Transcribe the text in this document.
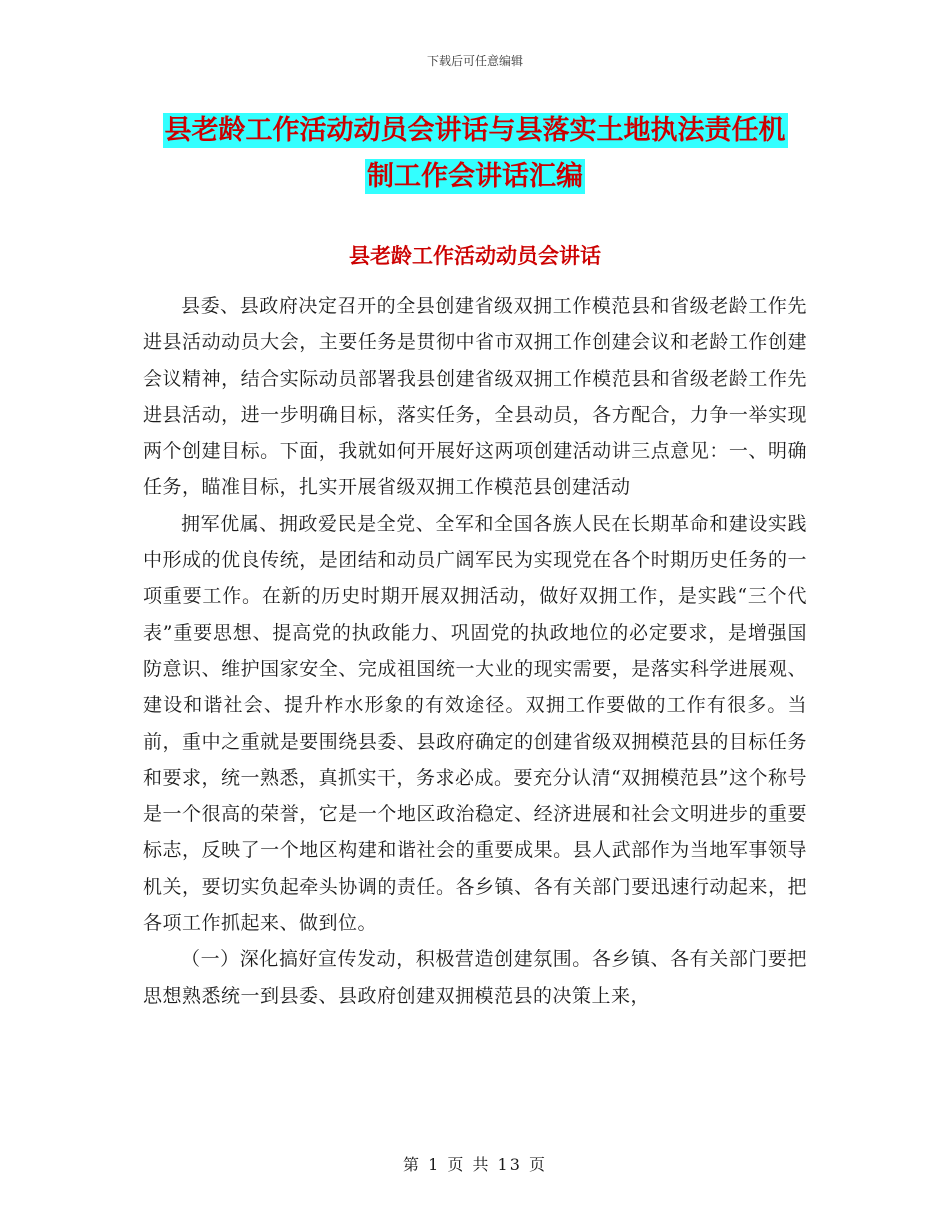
下载后可任意编辑
县老龄工作活动动员会讲话与县落实土地执法责任机
制工作会讲话汇编
县老龄工作活动动员会讲话

县委、县政府决定召开的全县创建省级双拥工作模范县和省级老龄工作先进县活动动员大会，主要任务是贯彻中省市双拥工作创建会议和老龄工作创建会议精神，结合实际动员部署我县创建省级双拥工作模范县和省级老龄工作先进县活动，进一步明确目标，落实任务，全县动员，各方配合，力争一举实现两个创建目标。下面，我就如何开展好这两项创建活动讲三点意见：一、明确任务，瞄准目标，扎实开展省级双拥工作模范县创建活动

拥军优属、拥政爱民是全党、全军和全国各族人民在长期革命和建设实践中形成的优良传统，是团结和动员广阔军民为实现党在各个时期历史任务的一项重要工作。在新的历史时期开展双拥活动，做好双拥工作，是实践“三个代表”重要思想、提高党的执政能力、巩固党的执政地位的必定要求，是增强国防意识、维护国家安全、完成祖国统一大业的现实需要，是落实科学进展观、建设和谐社会、提升柞水形象的有效途径。双拥工作要做的工作有很多。当前，重中之重就是要围绕县委、县政府确定的创建省级双拥模范县的目标任务和要求，统一熟悉，真抓实干，务求必成。要充分认清“双拥模范县”这个称号是一个很高的荣誉，它是一个地区政治稳定、经济进展和社会文明进步的重要标志，反映了一个地区构建和谐社会的重要成果。县人武部作为当地军事领导机关，要切实负起牵头协调的责任。各乡镇、各有关部门要迅速行动起来，把各项工作抓起来、做到位。

（一）深化搞好宣传发动，积极营造创建氛围。各乡镇、各有关部门要把思想熟悉统一到县委、县政府创建双拥模范县的决策上来，

第 1 页 共 13 页
